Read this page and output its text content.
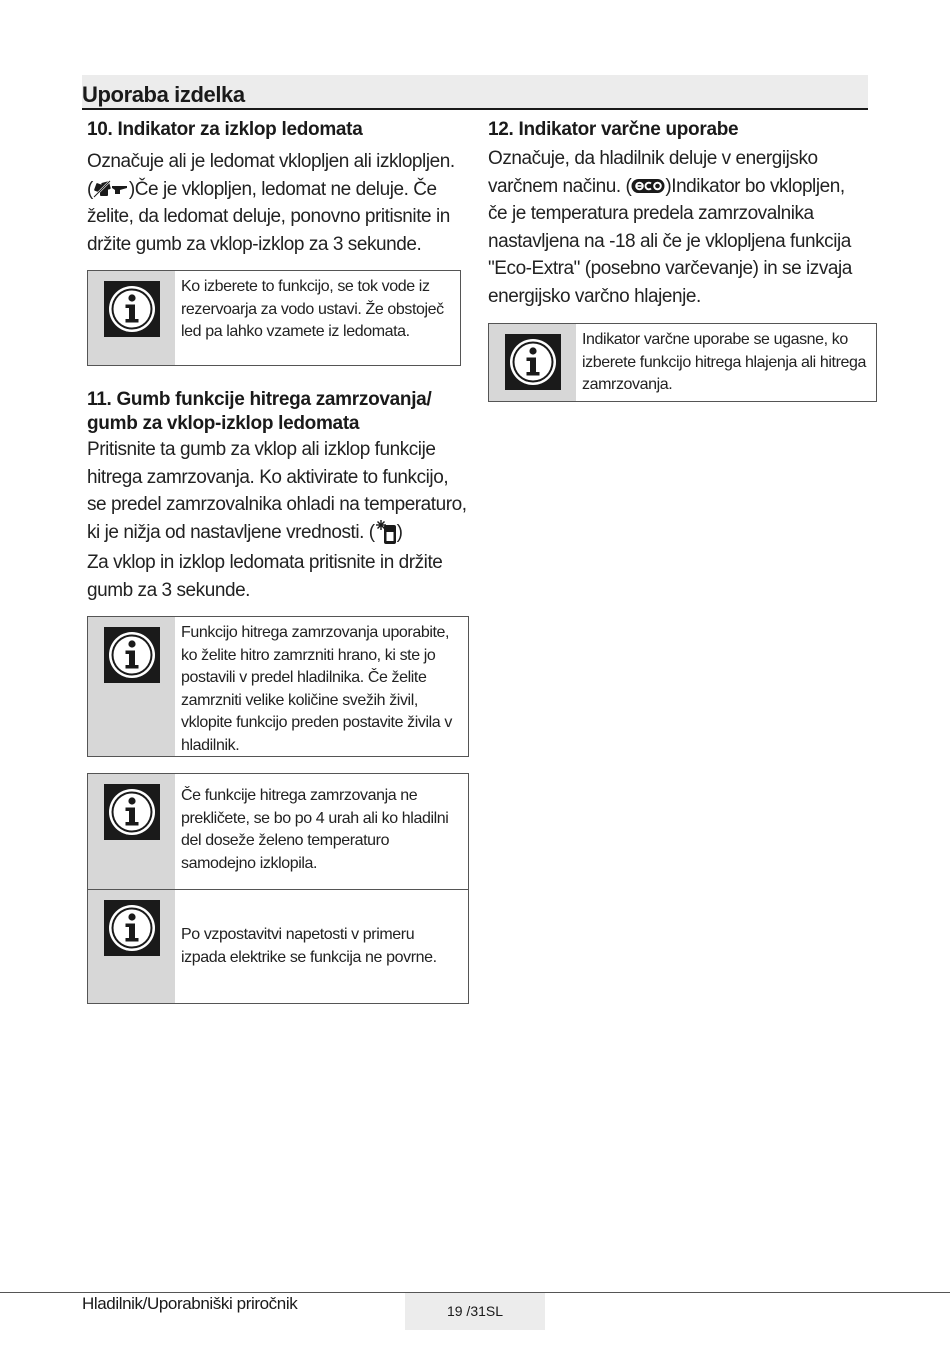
Uporaba izdelka
10. Indikator za izklop ledomata

Označuje ali je ledomat vklopljen ali izklopljen.
( )Če je vklopljen, ledomat ne deluje. Če želite, da ledomat deluje, ponovno pritisnite in držite gumb za vklop-izklop za 3 sekunde.

Ko izberete to funkcijo, se tok vode iz rezervoarja za vodo ustavi. Že obstoječ led pa lahko vzamete iz ledomata.
11. Gumb funkcije hitrega zamrzovanja/ gumb za vklop-izklop ledomata

Pritisnite ta gumb za vklop ali izklop funkcije hitrega zamrzovanja. Ko aktivirate to funkcijo, se predel zamrzovalnika ohladi na temperaturo, ki je nižja od nastavljene vrednosti. ( )

Za vklop in izklop ledomata pritisnite in držite gumb za 3 sekunde.

Funkcijo hitrega zamrzovanja uporabite, ko želite hitro zamrzniti hrano, ki ste jo postavili v predel hladilnika. Če želite zamrzniti velike količine svežih živil, vklopite funkcijo preden postavite živila v hladilnik.
Če funkcije hitrega zamrzovanja ne prekličete, se bo po 4 urah ali ko hladilni del doseže želeno temperaturo samodejno izklopila.
Po vzpostavitvi napetosti v primeru izpada elektrike se funkcija ne povrne.
12. Indikator varčne uporabe

Označuje, da hladilnik deluje v energijsko varčnem načinu. ( )Indikator bo vklopljen, če je temperatura predela zamrzovalnika nastavljena na -18 ali če je vklopljena funkcija "Eco-Extra" (posebno varčevanje) in se izvaja energijsko varčno hlajenje.

Indikator varčne uporabe se ugasne, ko izberete funkcijo hitrega hlajenja ali hitrega zamrzovanja.
Hladilnik/Uporabniški priročnik	19 /31SL
